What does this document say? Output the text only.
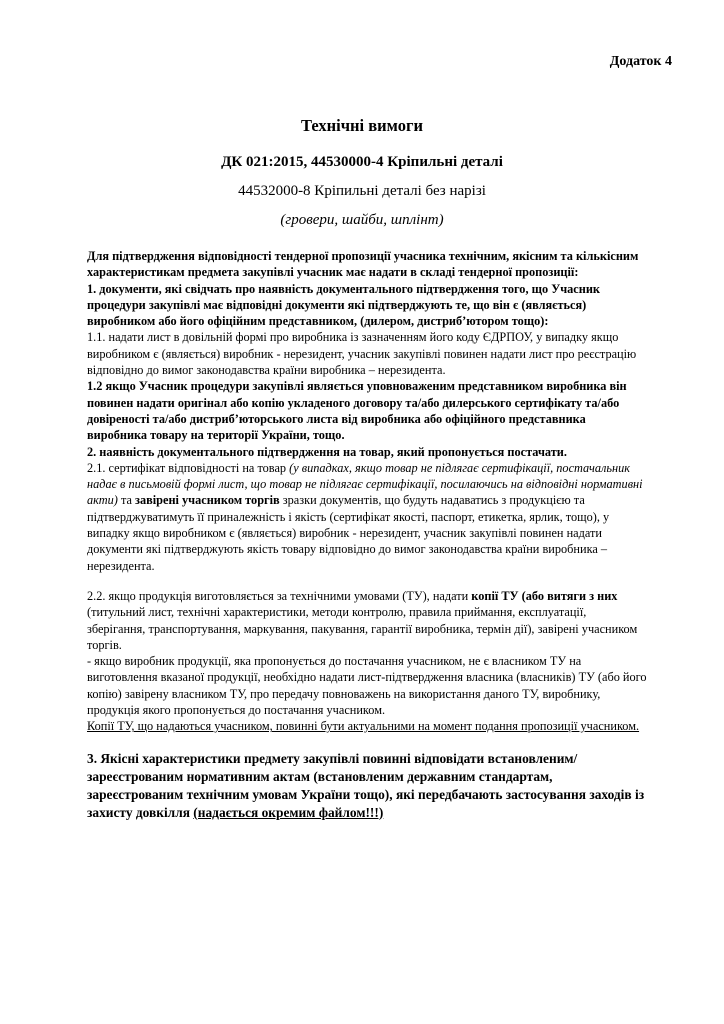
Додаток 4
Технічні вимоги
ДК 021:2015, 44530000-4 Кріпильні деталі
44532000-8 Кріпильні деталі без нарізі
(гровери, шайби, шплінт)

Для підтвердження відповідності тендерної пропозиції учасника технічним, якісним та кількісним характеристикам предмета закупівлі учасник має надати в складі тендерної пропозиції:

1. документи, які свідчать про наявність документального підтвердження того, що Учасник процедури закупівлі має відповідні документи які підтверджують те, що він є (являється) виробником або його офіційним представником, (дилером, дистриб’ютором тощо):

1.1. надати лист в довільній формі про виробника із зазначенням його коду ЄДРПОУ, у випадку якщо виробником є (являється) виробник - нерезидент, учасник закупівлі повинен надати лист про реєстрацію відповідно до вимог законодавства країни виробника – нерезидента.

1.2 якщо Учасник процедури закупівлі являється уповноваженим представником виробника він повинен надати оригінал або копію укладеного договору та/або дилерського сертифікату та/або довіреності та/або дистриб’юторського листа від виробника або офіційного представника виробника товару на території України, тощо.

2. наявність документального підтвердження на товар, який пропонується постачати.

2.1. сертифікат відповідності на товар (у випадках, якщо товар не підлягає сертифікації, постачальник надає в письмовій формі лист, що товар не підлягає сертифікації, посилаючись на відповідні нормативні акти) та завірені учасником торгів зразки документів, що будуть надаватись з продукцією та підтверджуватимуть її приналежність і якість (сертифікат якості, паспорт, етикетка, ярлик, тощо), у випадку якщо виробником є (являється) виробник - нерезидент, учасник закупівлі повинен надати документи які підтверджують якість товару відповідно до вимог законодавства країни виробника – нерезидента.

2.2. якщо продукція виготовляється за технічними умовами (ТУ), надати копії ТУ (або витяги з них (титульний лист, технічні характеристики, методи контролю, правила приймання, експлуатації, зберігання, транспортування, маркування, пакування, гарантії виробника, термін дії), завірені учасником торгів.

- якщо виробник продукції, яка пропонується до постачання учасником, не є власником ТУ на виготовлення вказаної продукції, необхідно надати лист-підтвердження власника (власників) ТУ (або його копію) завірену власником ТУ, про передачу повноважень на використання даного ТУ, виробнику, продукція якого пропонується до постачання учасником.

Копії ТУ, що надаються учасником, повинні бути актуальними на момент подання пропозиції учасником.

3. Якісні характеристики предмету закупівлі повинні відповідати встановленим/зареєстрованим нормативним актам (встановленим державним стандартам, зареєстрованим технічним умовам України тощо), які передбачають застосування заходів із захисту довкілля (надається окремим файлом!!!)
